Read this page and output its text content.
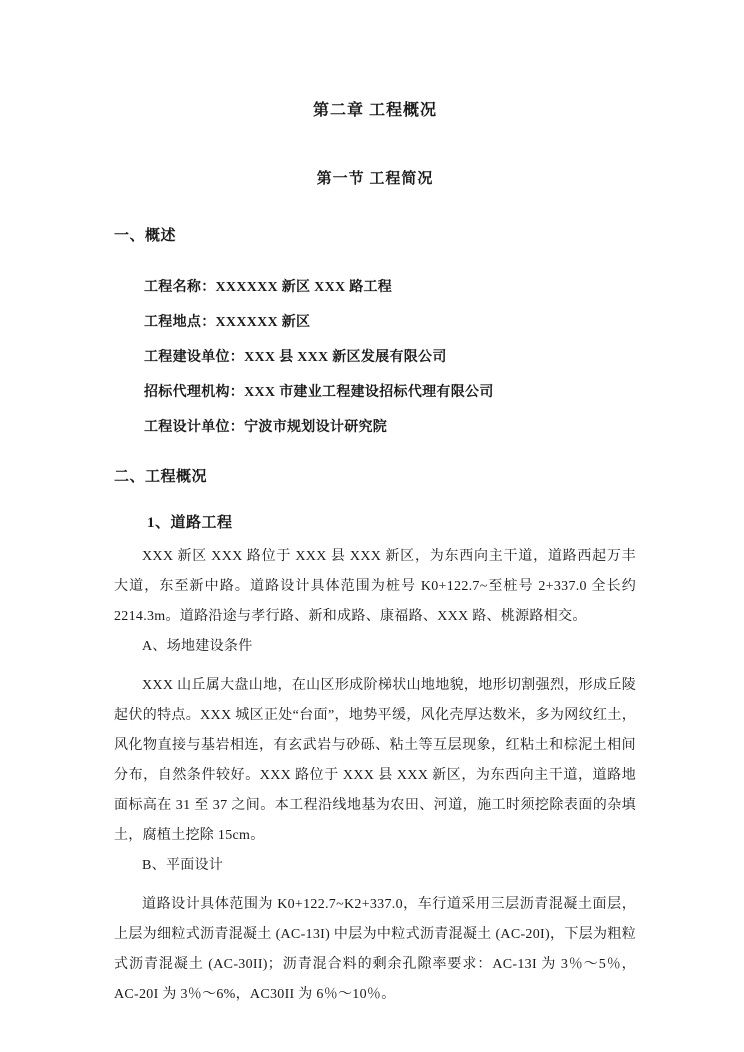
第二章 工程概况
第一节 工程简况
一、概述
工程名称：XXXXXX 新区 XXX 路工程
工程地点：XXXXXX 新区
工程建设单位：XXX 县 XXX 新区发展有限公司
招标代理机构：XXX 市建业工程建设招标代理有限公司
工程设计单位：宁波市规划设计研究院
二、工程概况
1、道路工程

XXX 新区 XXX 路位于 XXX 县 XXX 新区，为东西向主干道，道路西起万丰大道，东至新中路。道路设计具体范围为桩号 K0+122.7~至桩号 2+337.0 全长约 2214.3m。道路沿途与孝行路、新和成路、康福路、XXX 路、桃源路相交。

A、场地建设条件

XXX 山丘属大盘山地，在山区形成阶梯状山地地貌，地形切割强烈，形成丘陵起伏的特点。XXX 城区正处“台面”，地势平缓，风化壳厚达数米，多为网纹红土，风化物直接与基岩相连，有玄武岩与砂砾、粘土等互层现象，红粘土和棕泥土相间分布，自然条件较好。XXX 路位于 XXX 县 XXX 新区，为东西向主干道，道路地面标高在 31 至 37 之间。本工程沿线地基为农田、河道，施工时须挖除表面的杂填土，腐植土挖除 15cm。

B、平面设计

道路设计具体范围为 K0+122.7~K2+337.0，车行道采用三层沥青混凝土面层，上层为细粒式沥青混凝土 (AC-13I) 中层为中粒式沥青混凝土 (AC-20I)，下层为粗粒式沥青混凝土 (AC-30II)；沥青混合料的剩余孔隙率要求：AC-13I 为 3％～5％，AC-20I 为 3％～6%，AC30II 为 6％～10％。
